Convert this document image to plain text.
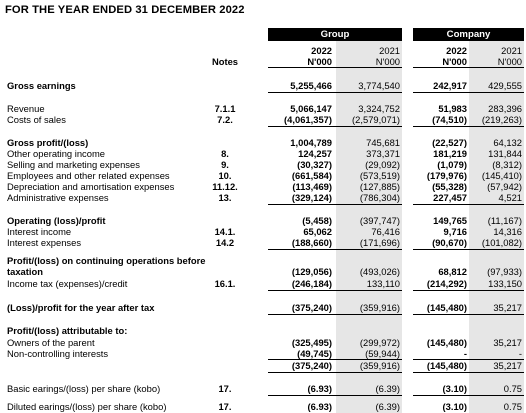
FOR THE YEAR ENDED 31 DECEMBER 2022
Group	Company
2022	2021	2022	2021
Notes	N'000	N'000	N'000	N'000
Gross earnings	5,255,466	3,774,540	242,917	429,555
Revenue	7.1.1	5,066,147	3,324,752	51,983	283,396
Costs of sales	7.2.	(4,061,357)	(2,579,071)	(74,510)	(219,263)
Gross profit/(loss)	1,004,789	745,681	(22,527)	64,132
Other operating income	8.	124,257	373,371	181,219	131,844
Selling and marketing expenses	9.	(30,327)	(29,092)	(1,079)	(8,312)
Employees and other related expenses	10.	(661,584)	(573,519)	(179,976)	(145,410)
Depreciation and amortisation expenses	11.12.	(113,469)	(127,885)	(55,328)	(57,942)
Administrative expenses	13.	(329,124)	(786,304)	227,457	4,521
Operating (loss)/profit	(5,458)	(397,747)	149,765	(11,167)
Interest income	14.1.	65,062	76,416	9,716	14,316
Interest expenses	14.2	(188,660)	(171,696)	(90,670)	(101,082)
Profit/(loss) on continuing operations before
taxation	(129,056)	(493,026)	68,812	(97,933)
Income tax (expenses)/credit	16.1.	(246,184)	133,110	(214,292)	133,150
(Loss)/profit for the year after tax	(375,240)	(359,916)	(145,480)	35,217
Profit/(loss) attributable to:
Owners of the parent	(325,495)	(299,972)	(145,480)	35,217
Non-controlling interests	(49,745)	(59,944)	-	-
(375,240)	(359,916)	(145,480)	35,217
Basic earings/(loss) per share (kobo)	17.	(6.93)	(6.39)	(3.10)	0.75
Diluted earings/(loss) per share (kobo)	17.	(6.93)	(6.39)	(3.10)	0.75
